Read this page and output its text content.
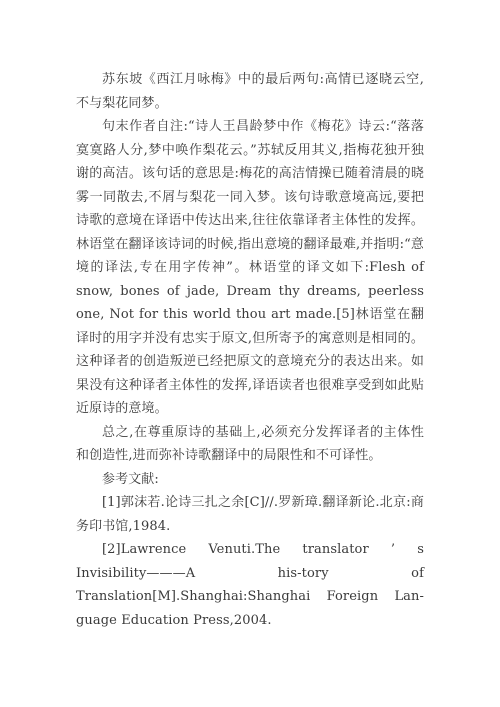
苏东坡《西江月咏梅》中的最后两句:高情已逐晓云空,不与梨花同梦。

句末作者自注:“诗人王昌龄梦中作《梅花》诗云:“落落寞寞路人分,梦中唤作梨花云。”苏轼反用其义,指梅花独开独谢的高洁。该句话的意思是:梅花的高洁情操已随着清晨的晓雾一同散去,不屑与梨花一同入梦。该句诗歌意境高远,要把诗歌的意境在译语中传达出来,往往依靠译者主体性的发挥。林语堂在翻译该诗词的时候,指出意境的翻译最难,并指明:“意境的译法,专在用字传神”。林语堂的译文如下:Flesh of snow, bones of jade, Dream thy dreams, peerless one, Not for this world thou art made.[5]林语堂在翻译时的用字并没有忠实于原文,但所寄予的寓意则是相同的。这种译者的创造叛逆已经把原文的意境充分的表达出来。如果没有这种译者主体性的发挥,译语读者也很难享受到如此贴近原诗的意境。

总之,在尊重原诗的基础上,必须充分发挥译者的主体性和创造性,进而弥补诗歌翻译中的局限性和不可译性。

参考文献:

[1]郭沫若.论诗三扎之余[C]//.罗新璋.翻译新论.北京:商务印书馆,1984.

[2]Lawrence Venuti.The translator ’ s Invisibility———A his-tory of Translation[M].Shanghai:Shanghai Foreign Lan-guage Education Press,2004.
